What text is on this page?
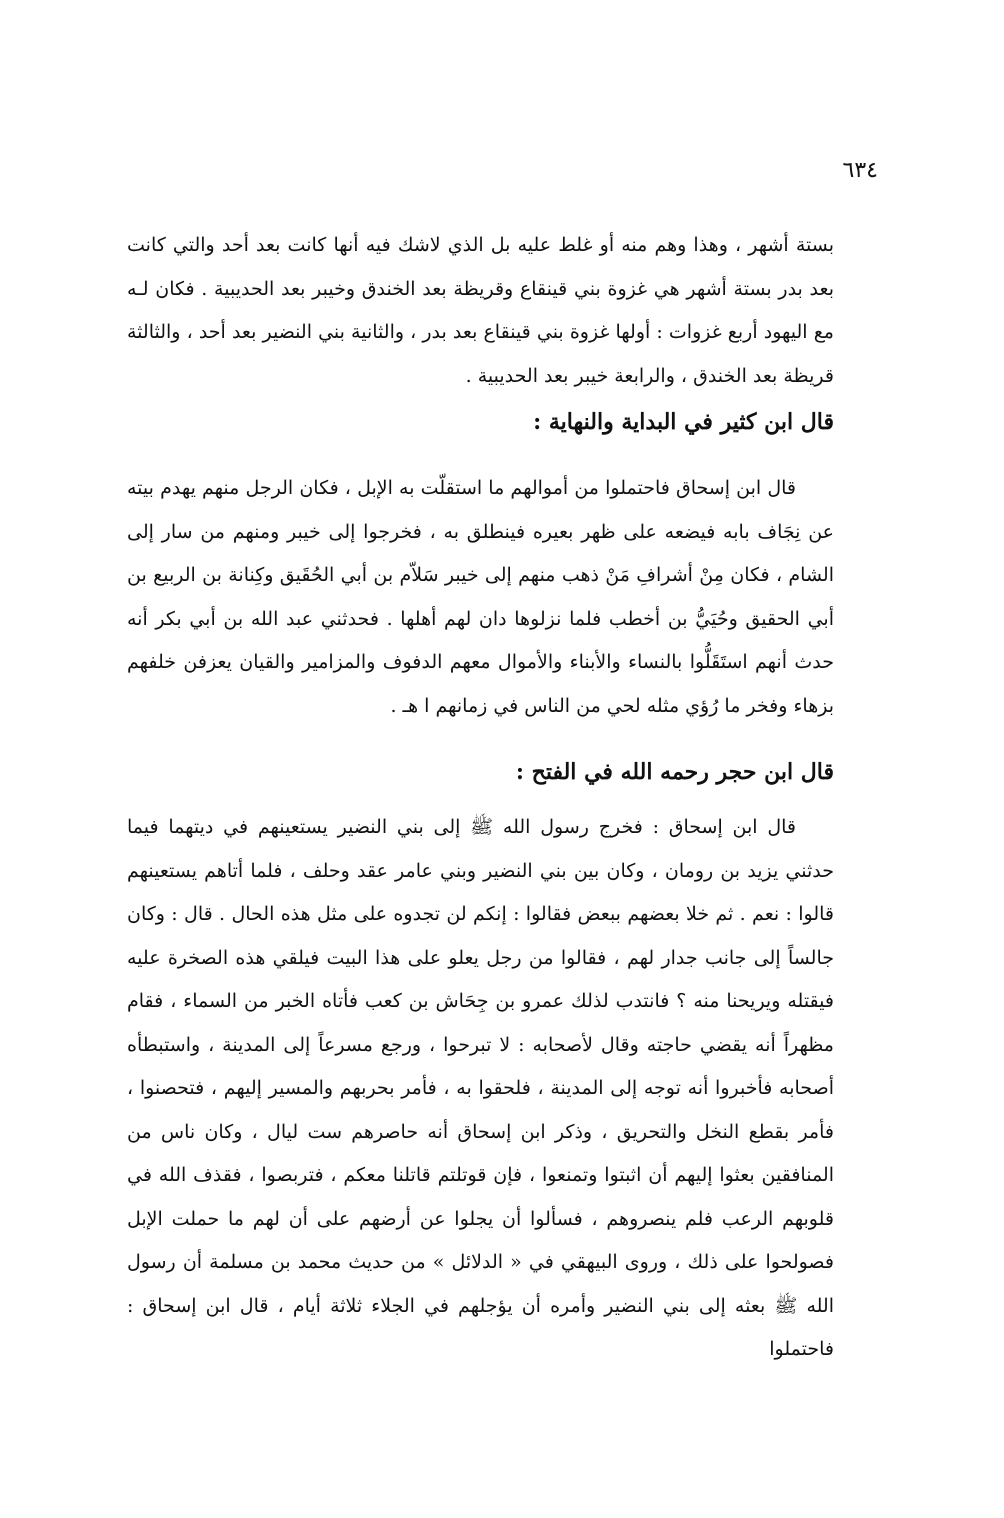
٦٣٤

بستة أشهر ، وهذا وهم منه أو غلط عليه بل الذي لاشك فيه أنها كانت بعد أحد والتي كانت بعد بدر بستة أشهر هي غزوة بني قينقاع وقريظة بعد الخندق وخيبر بعد الحديبية . فكان لـه مع اليهود أربع غزوات : أولها غزوة بني قينقاع بعد بدر ، والثانية بني النضير بعد أحد ، والثالثة قريظة بعد الخندق ، والرابعة خيبر بعد الحديبية .

قال ابن كثير في البداية والنهاية :

قال ابن إسحاق فاحتملوا من أموالهم ما استقلّت به الإبل ، فكان الرجل منهم يهدم بيته عن نِجَاف بابه فيضعه على ظهر بعيره فينطلق به ، فخرجوا إلى خيبر ومنهم من سار إلى الشام ، فكان مِنْ أشرافِ مَنْ ذهب منهم إلى خيبر سَلاّم بن أبي الحُقَيق وكِنانة بن الربيع بن أبي الحقيق وحُيَيُّ بن أخطب فلما نزلوها دان لهم أهلها . فحدثني عبد الله بن أبي بكر أنه حدث أنهم استَقَلُّوا بالنساء والأبناء والأموال معهم الدفوف والمزامير والقيان يعزفن خلفهم بزهاء وفخر ما رُؤي مثله لحي من الناس في زمانهم ا هـ .

قال ابن حجر رحمه الله في الفتح :

قال ابن إسحاق : فخرج رسول الله ﷺ إلى بني النضير يستعينهم في ديتهما فيما حدثني يزيد بن رومان ، وكان بين بني النضير وبني عامر عقد وحلف ، فلما أتاهم يستعينهم قالوا : نعم . ثم خلا بعضهم ببعض فقالوا : إنكم لن تجدوه على مثل هذه الحال . قال : وكان جالساً إلى جانب جدار لهم ، فقالوا من رجل يعلو على هذا البيت فيلقي هذه الصخرة عليه فيقتله ويريحنا منه ؟ فانتدب لذلك عمرو بن جِحَاش بن كعب فأتاه الخبر من السماء ، فقام مظهراً أنه يقضي حاجته وقال لأصحابه : لا تبرحوا ، ورجع مسرعاً إلى المدينة ، واستبطأه أصحابه فأخبروا أنه توجه إلى المدينة ، فلحقوا به ، فأمر بحربهم والمسير إليهم ، فتحصنوا ، فأمر بقطع النخل والتحريق ، وذكر ابن إسحاق أنه حاصرهم ست ليال ، وكان ناس من المنافقين بعثوا إليهم أن اثبتوا وتمنعوا ، فإن قوتلتم قاتلنا معكم ، فتربصوا ، فقذف الله في قلوبهم الرعب فلم ينصروهم ، فسألوا أن يجلوا عن أرضهم على أن لهم ما حملت الإبل فصولحوا على ذلك ، وروى البيهقي في « الدلائل » من حديث محمد بن مسلمة أن رسول الله ﷺ بعثه إلى بني النضير وأمره أن يؤجلهم في الجلاء ثلاثة أيام ، قال ابن إسحاق : فاحتملوا
